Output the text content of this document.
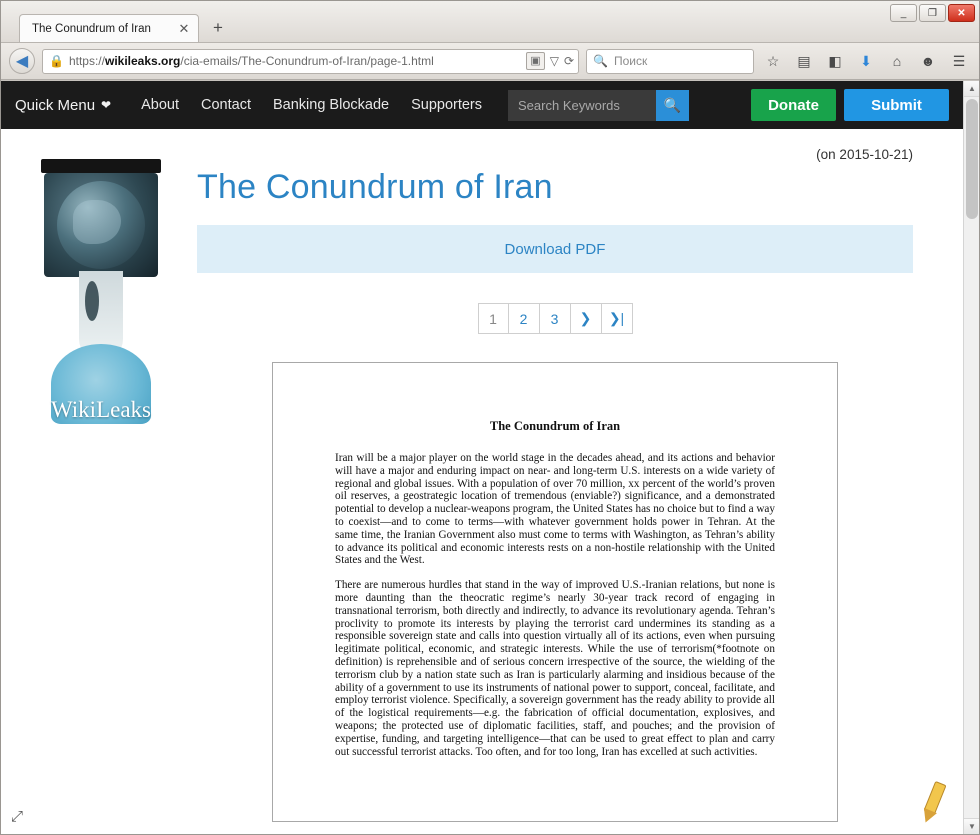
The Conundrum of Iran ✕	+
_	❐	✕
◀	🔒 https://wikileaks.org/cia-emails/The-Conundrum-of-Iran/page-1.html	▣ ▽ ⟳ 🔍 Поиск	☆	▤	◧	⬇	⌂	☻	☰
Quick Menu ❤ About Contact Banking Blockade Supporters	Search Keywords	🔍	Donate	Submit
(on 2015-10-21)
WikiLeaks
The Conundrum of Iran
Download PDF
1	2	3	❯	❯|
The Conundrum of Iran

Iran will be a major player on the world stage in the decades ahead, and its actions and behavior will have a major and enduring impact on near- and long-term U.S. interests on a wide variety of regional and global issues. With a population of over 70 million, xx percent of the world’s proven oil reserves, a geostrategic location of tremendous (enviable?) significance, and a demonstrated potential to develop a nuclear-weapons program, the United States has no choice but to find a way to coexist—and to come to terms—with whatever government holds power in Tehran. At the same time, the Iranian Government also must come to terms with Washington, as Tehran’s ability to advance its political and economic interests rests on a non-hostile relationship with the United States and the West.

There are numerous hurdles that stand in the way of improved U.S.-Iranian relations, but none is more daunting than the theocratic regime’s nearly 30-year track record of engaging in transnational terrorism, both directly and indirectly, to advance its revolutionary agenda. Tehran’s proclivity to promote its interests by playing the terrorist card undermines its standing as a responsible sovereign state and calls into question virtually all of its actions, even when pursuing legitimate political, economic, and strategic interests. While the use of terrorism(*footnote on definition) is reprehensible and of serious concern irrespective of the source, the wielding of the terrorism club by a nation state such as Iran is particularly alarming and insidious because of the ability of a government to use its instruments of national power to support, conceal, facilitate, and employ terrorist violence. Specifically, a sovereign government has the ready ability to provide all of the logistical requirements—e.g. the fabrication of official documentation, explosives, and weapons; the protected use of diplomatic facilities, staff, and pouches; and the provision of expertise, funding, and targeting intelligence—that can be used to great effect to plan and carry out successful terrorist attacks. Too often, and for too long, Iran has excelled at such activities.

▲
▼
⤢
